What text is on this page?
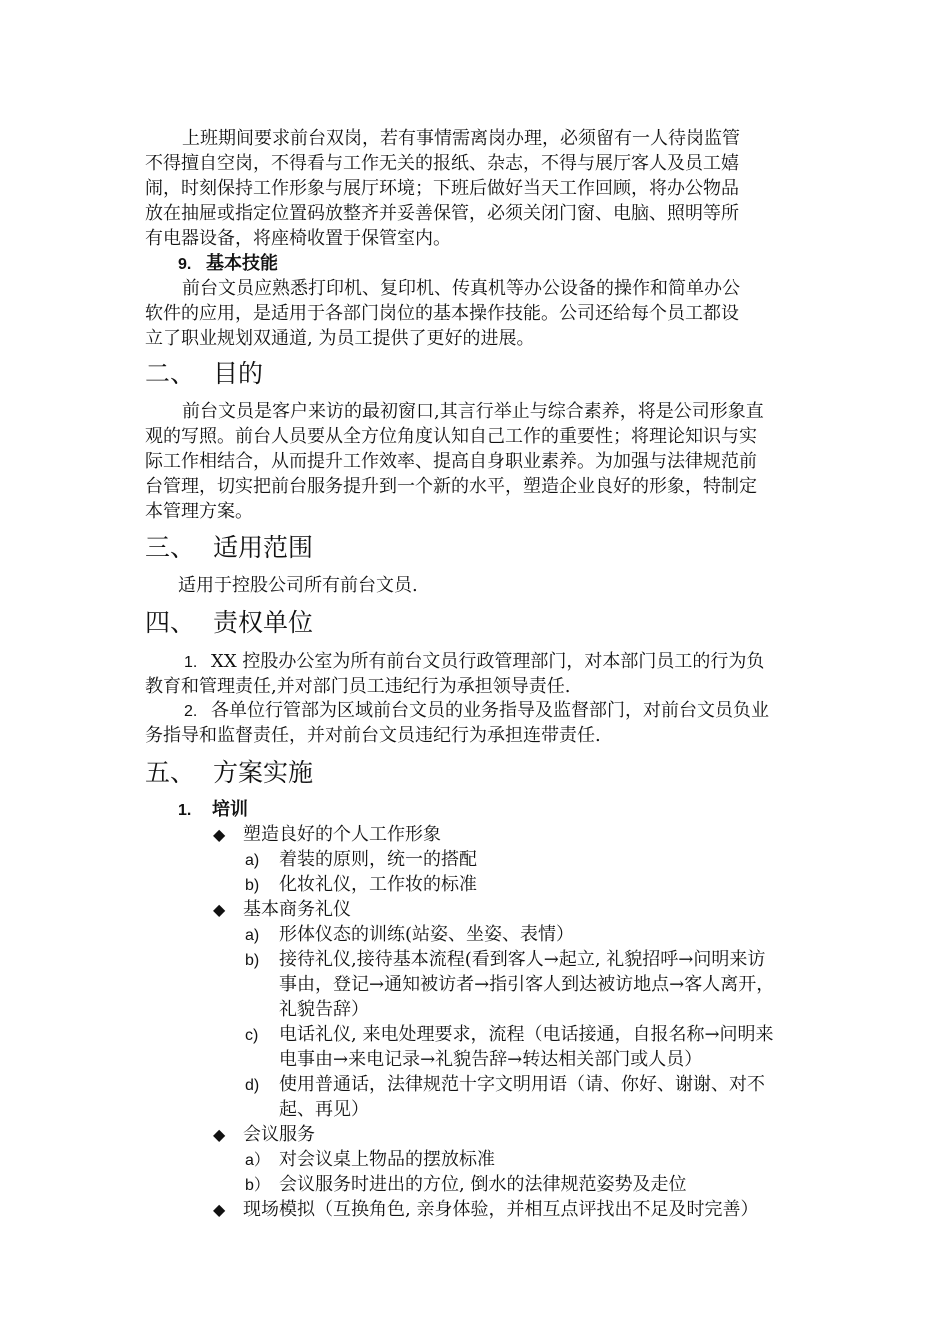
上班期间要求前台双岗，若有事情需离岗办理，必须留有一人待岗监管
不得擅自空岗，不得看与工作无关的报纸、杂志，不得与展厅客人及员工嬉
闹，时刻保持工作形象与展厅环境；下班后做好当天工作回顾，将办公物品
放在抽屉或指定位置码放整齐并妥善保管，必须关闭门窗、电脑、照明等所
有电器设备，将座椅收置于保管室内。
9. 基本技能
前台文员应熟悉打印机、复印机、传真机等办公设备的操作和简单办公
软件的应用，是适用于各部门岗位的基本操作技能。公司还给每个员工都设
立了职业规划双通道, 为员工提供了更好的进展。
二、 目的
前台文员是客户来访的最初窗口,其言行举止与综合素养，将是公司形象直
观的写照。前台人员要从全方位角度认知自己工作的重要性；将理论知识与实
际工作相结合，从而提升工作效率、提高自身职业素养。为加强与法律规范前
台管理，切实把前台服务提升到一个新的水平，塑造企业良好的形象，特制定
本管理方案。
三、 适用范围
适用于控股公司所有前台文员.
四、 责权单位
1. XX 控股办公室为所有前台文员行政管理部门，对本部门员工的行为负
教育和管理责任,并对部门员工违纪行为承担领导责任.
2. 各单位行管部为区域前台文员的业务指导及监督部门，对前台文员负业
务指导和监督责任，并对前台文员违纪行为承担连带责任.
五、 方案实施
1. 培训
◆ 塑造良好的个人工作形象
a) 着装的原则，统一的搭配
b) 化妆礼仪，工作妆的标准
◆ 基本商务礼仪
a) 形体仪态的训练(站姿、坐姿、表情）
b) 接待礼仪,接待基本流程(看到客人→起立, 礼貌招呼→问明来访
事由，登记→通知被访者→指引客人到达被访地点→客人离开，
礼貌告辞）
c) 电话礼仪, 来电处理要求，流程（电话接通，自报名称→问明来
电事由→来电记录→礼貌告辞→转达相关部门或人员）
d) 使用普通话，法律规范十字文明用语（请、你好、谢谢、对不
起、再见）
◆ 会议服务
a） 对会议桌上物品的摆放标准
b） 会议服务时进出的方位, 倒水的法律规范姿势及走位
◆ 现场模拟（互换角色, 亲身体验，并相互点评找出不足及时完善）
